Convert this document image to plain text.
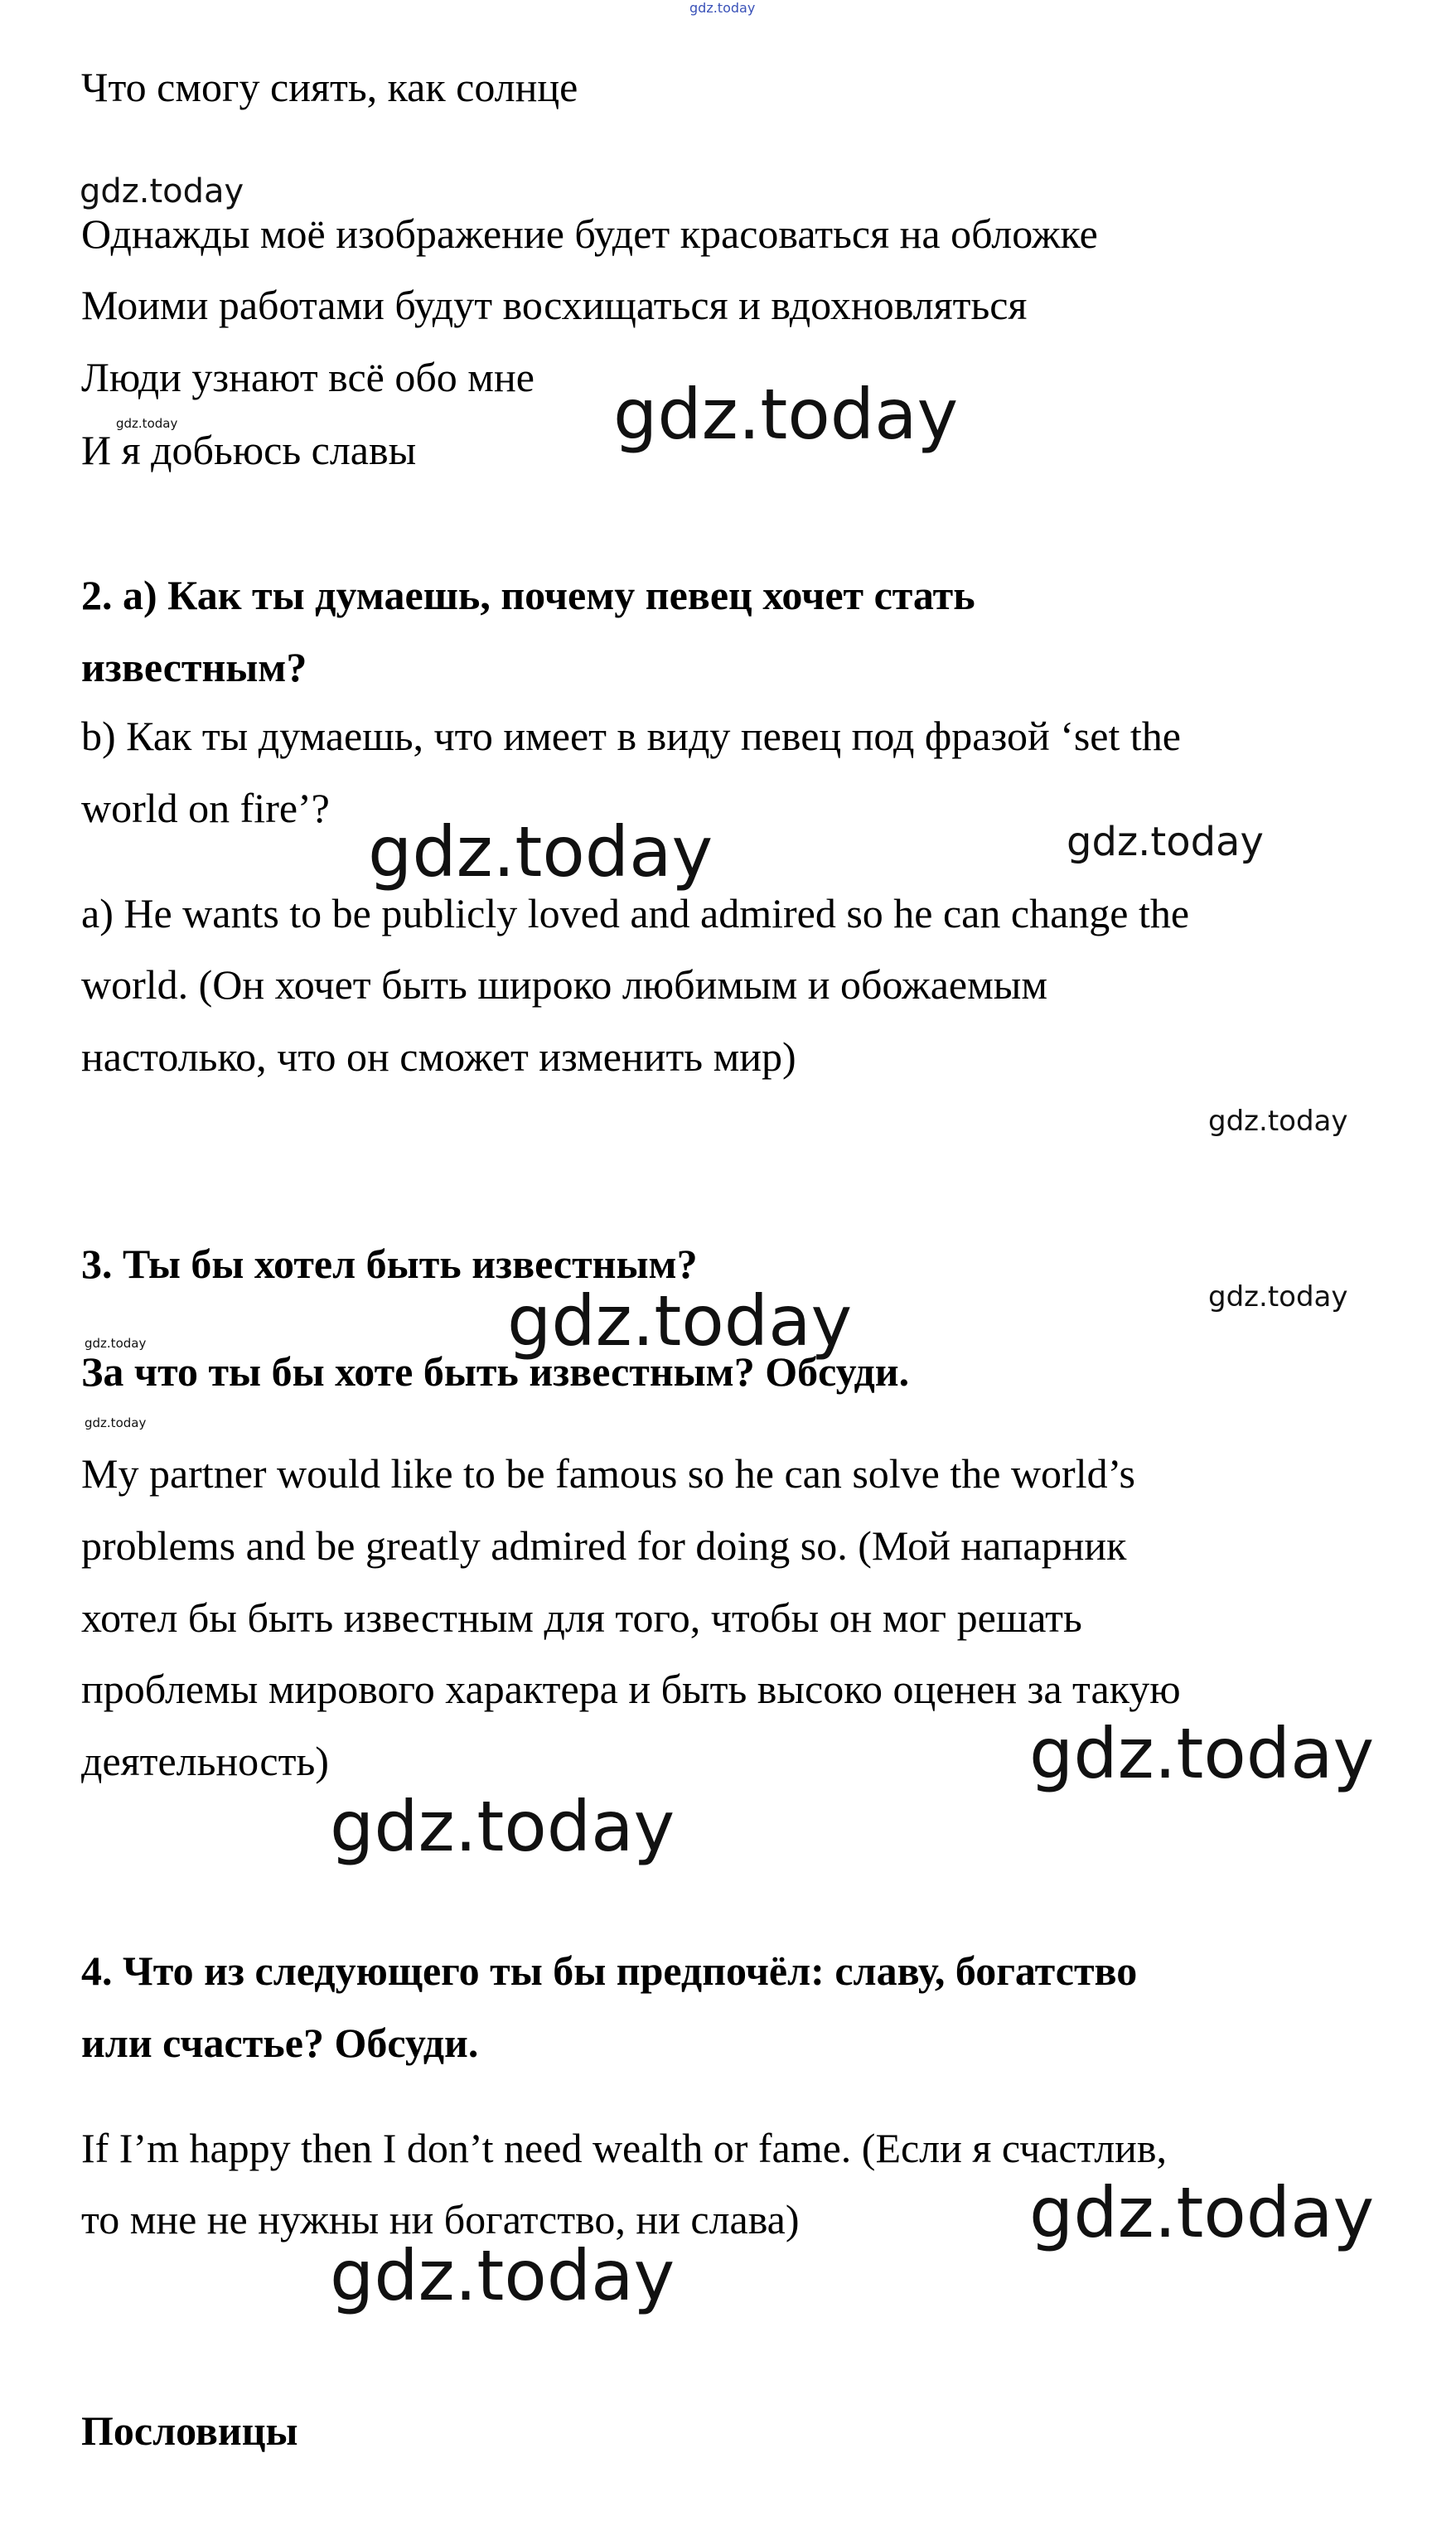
Что смогу сиять, как солнце

Однажды моё изображение будет красоваться на обложке

Моими работами будут восхищаться и вдохновляться

Люди узнают всё обо мне

И я добьюсь славы

2. a) Как ты думаешь, почему певец хочет стать

известным?

b) Как ты думаешь, что имеет в виду певец под фразой ‘set the

world on fire’?

a) He wants to be publicly loved and admired so he can change the

world. (Он хочет быть широко любимым и обожаемым

настолько, что он сможет изменить мир)

3. Ты бы хотел быть известным?

За что ты бы хоте быть известным? Обсуди.

My partner would like to be famous so he can solve the world’s

problems and be greatly admired for doing so. (Мой напарник

хотел бы быть известным для того, чтобы он мог решать

проблемы мирового характера и быть высоко оценен за такую

деятельность)

4. Что из следующего ты бы предпочёл: славу, богатство

или счастье? Обсуди.

If I’m happy then I don’t need wealth or fame. (Если я счастлив,

то мне не нужны ни богатство, ни слава)

Пословицы

gdz.today
gdz.today
gdz.today
gdz.today
gdz.today	gdz.today
gdz.today
gdz.today
gdz.today
gdz.today
gdz.today
gdz.today
gdz.today
gdz.today
gdz.today
